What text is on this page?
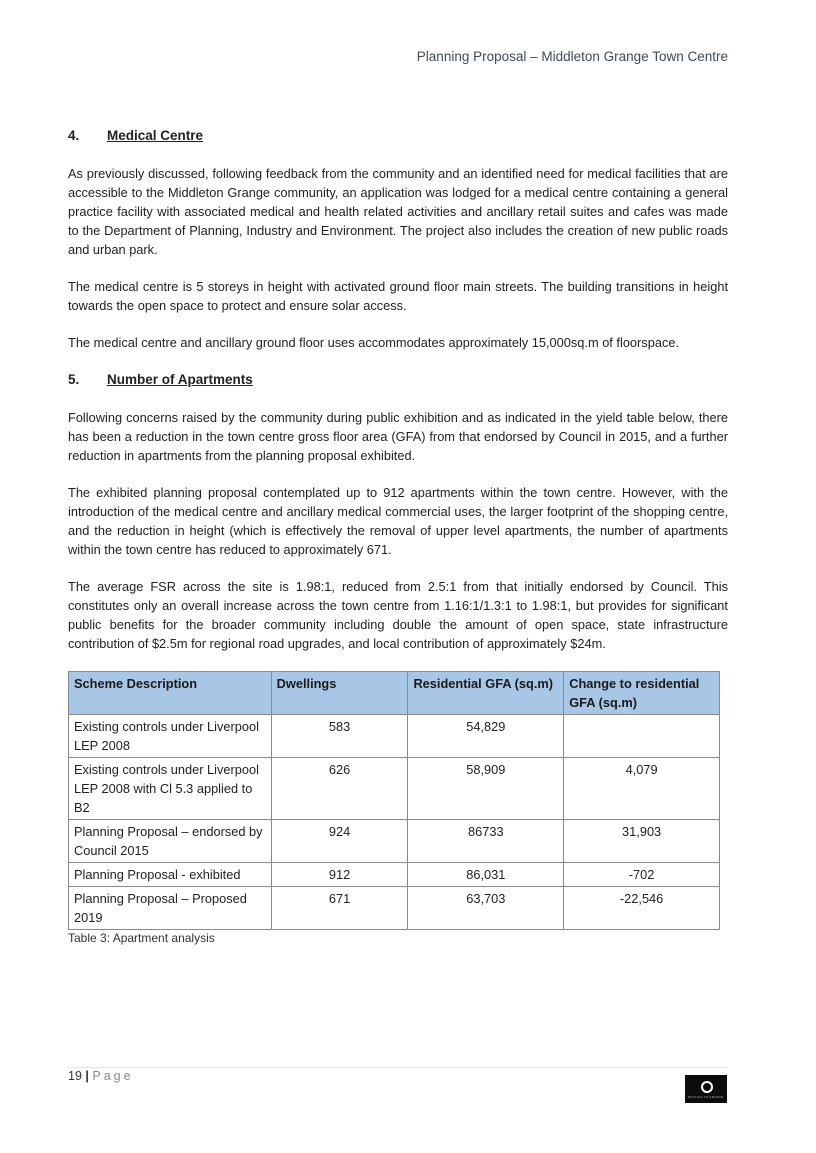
Planning Proposal – Middleton Grange Town Centre
4. Medical Centre

As previously discussed, following feedback from the community and an identified need for medical facilities that are accessible to the Middleton Grange community, an application was lodged for a medical centre containing a general practice facility with associated medical and health related activities and ancillary retail suites and cafes was made to the Department of Planning, Industry and Environment. The project also includes the creation of new public roads and urban park.

The medical centre is 5 storeys in height with activated ground floor main streets. The building transitions in height towards the open space to protect and ensure solar access.

The medical centre and ancillary ground floor uses accommodates approximately 15,000sq.m of floorspace.

5. Number of Apartments

Following concerns raised by the community during public exhibition and as indicated in the yield table below, there has been a reduction in the town centre gross floor area (GFA) from that endorsed by Council in 2015, and a further reduction in apartments from the planning proposal exhibited.

The exhibited planning proposal contemplated up to 912 apartments within the town centre. However, with the introduction of the medical centre and ancillary medical commercial uses, the larger footprint of the shopping centre, and the reduction in height (which is effectively the removal of upper level apartments, the number of apartments within the town centre has reduced to approximately 671.

The average FSR across the site is 1.98:1, reduced from 2.5:1 from that initially endorsed by Council. This constitutes only an overall increase across the town centre from 1.16:1/1.3:1 to 1.98:1, but provides for significant public benefits for the broader community including double the amount of open space, state infrastructure contribution of $2.5m for regional road upgrades, and local contribution of approximately $24m.

Scheme Description	Dwellings	Residential GFA (sq.m)	Change to residential GFA (sq.m)
Existing controls under Liverpool LEP 2008	583	54,829	
Existing controls under Liverpool LEP 2008 with Cl 5.3 applied to B2	626	58,909	4,079
Planning Proposal – endorsed by Council 2015	924	86733	31,903
Planning Proposal - exhibited	912	86,031	-702
Planning Proposal – Proposed 2019	671	63,703	-22,546
Table 3: Apartment analysis
19 | Page
PACIFIC PLANNING
